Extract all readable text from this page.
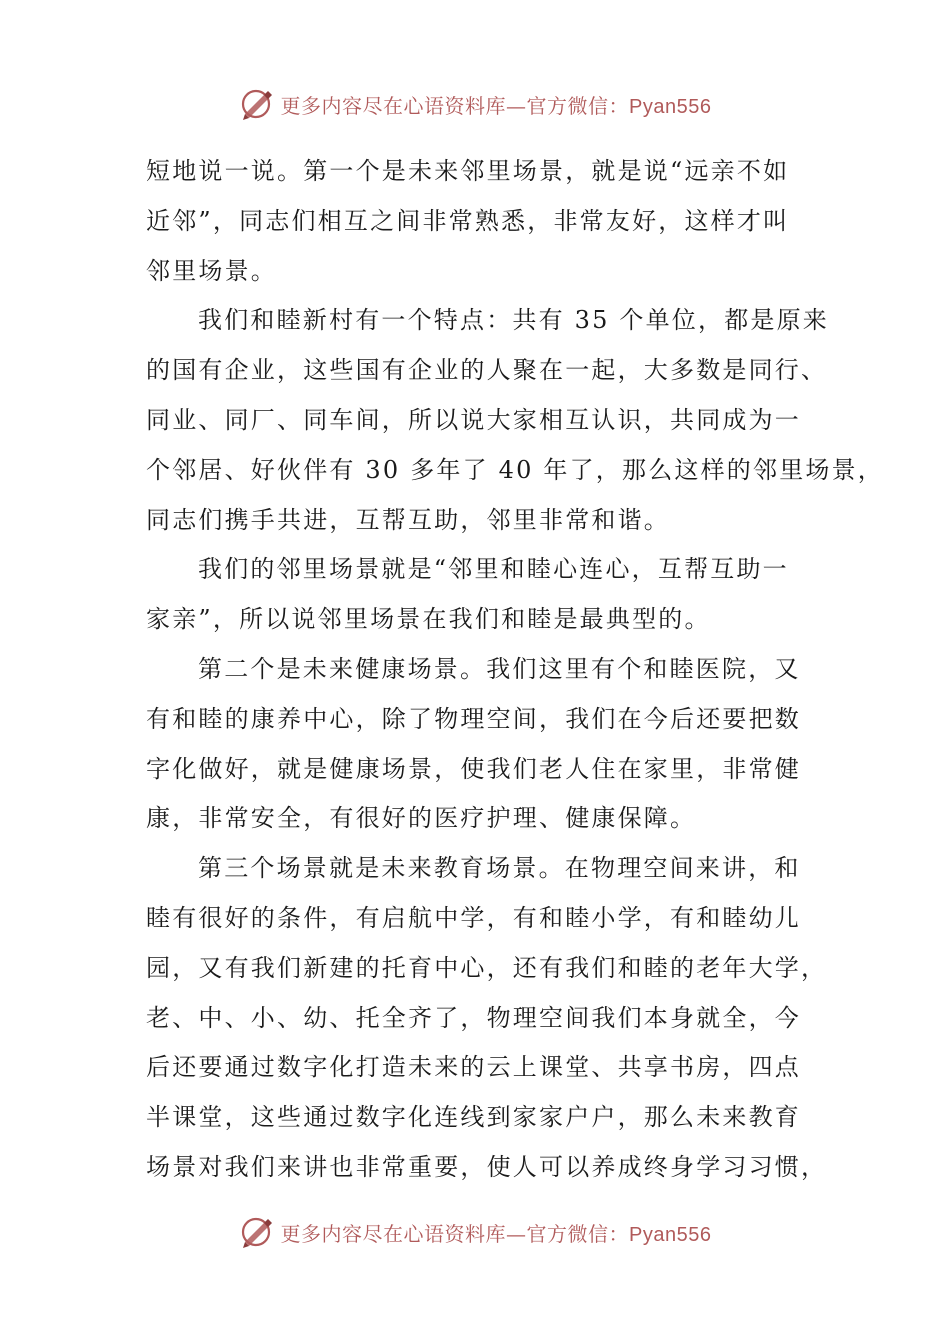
更多内容尽在心语资料库—官方微信：Pyan556
短地说一说。第一个是未来邻里场景，就是说“远亲不如
近邻”，同志们相互之间非常熟悉，非常友好，这样才叫
邻里场景。
我们和睦新村有一个特点：共有 35 个单位，都是原来
的国有企业，这些国有企业的人聚在一起，大多数是同行、
同业、同厂、同车间，所以说大家相互认识，共同成为一
个邻居、好伙伴有 30 多年了 40 年了，那么这样的邻里场景，
同志们携手共进，互帮互助，邻里非常和谐。
我们的邻里场景就是“邻里和睦心连心，互帮互助一
家亲”，所以说邻里场景在我们和睦是最典型的。
第二个是未来健康场景。我们这里有个和睦医院，又
有和睦的康养中心，除了物理空间，我们在今后还要把数
字化做好，就是健康场景，使我们老人住在家里，非常健
康，非常安全，有很好的医疗护理、健康保障。
第三个场景就是未来教育场景。在物理空间来讲，和
睦有很好的条件，有启航中学，有和睦小学，有和睦幼儿
园，又有我们新建的托育中心，还有我们和睦的老年大学，
老、中、小、幼、托全齐了，物理空间我们本身就全，今
后还要通过数字化打造未来的云上课堂、共享书房，四点
半课堂，这些通过数字化连线到家家户户，那么未来教育
场景对我们来讲也非常重要，使人可以养成终身学习习惯，
更多内容尽在心语资料库—官方微信：Pyan556
